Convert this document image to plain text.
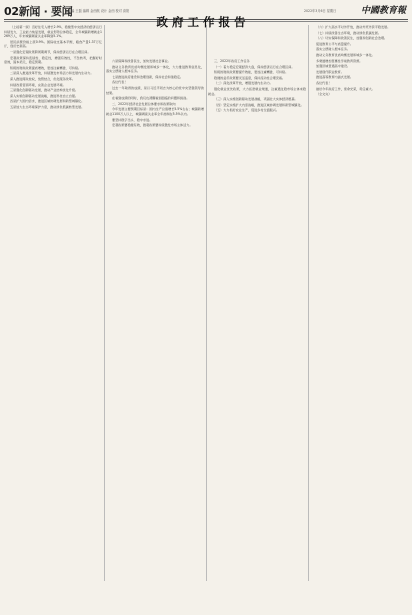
02新闻 · 要闻
主编 王磊 编辑 金西航 设计 金西 校对 高阳	2022年3月6日 星期日	中國教育報

（上接第一版）迈好住宅入增长2.9%，稳健型中央经济的经济运行持续发力，工业能力恢复发展，就业形势总体稳定，全年城镇新增就业1269万人，年末城镇调查失业率降到5.1%。

居民消费价格上涨0.9%。国际收支基本平衡，粮食产量1.37万亿斤，创历史新高。

一是强化宏观政策跨周期调节，保持经济运行在合理区间。

宏观政策保持连续性、稳定性，增强有效性，不急转弯，把握好时度效，固本培元，稳定预期。

积极的财政政策提质增效，更加注重精准、可持续。

二是深入推进改革开放，持续激发市场活力和发展内生动力。

深入推进简政放权，放管结合，优化服务改革。

持续改善营商环境，完善企业发展环境。

三是强化创新驱动发展，推动产业结构优化升级。

深入实施创新驱动发展战略，推进科技自立自强。

四是扩大国内需求，推进区域协调发展和新型城镇化。

五是加大生态环境保护力度，推动绿色低碳转型发展。

六是保障和改善民生，加快发展社会事业。

推动义务教育优质均衡发展和城乡一体化，大力推进教育信息化，落实立德树人根本任务。

七是推进政府建设和治理创新，保持社会和谐稳定。

各位代表！

过去一年取得的成绩，是以习近平同志为核心的党中央坚强领导的结果。

在看到成绩的同时，我们也清醒看到面临的问题和挑战。

二、2022年经济社会发展总体要求和政策取向

今年发展主要预期目标是：国内生产总值增长5.5%左右；城镇新增就业1100万人以上，城镇调查失业率全年控制在5.5%以内。

要坚持稳字当头、稳中求进。

宏观政策要稳健有效，微观政策要持续激发市场主体活力。

三、2022年政府工作任务

（一）着力稳定宏观经济大盘，保持经济运行在合理区间。

积极的财政政策要提升效能，更加注重精准、可持续。

稳健的货币政策要灵活适度，保持流动性合理充裕。

（二）深化改革开放，增强发展内生动力。

强化就业优先政策，大力拓宽就业渠道，注重通过稳市场主体来稳就业。

（三）深入实施创新驱动发展战略，巩固壮大实体经济根基。

（四）坚定实施扩大内需战略，推进区域协调发展和新型城镇化。

（五）大力抓好农业生产，促进乡村全面振兴。

（六）扩大高水平对外开放，推动外贸外资平稳发展。

（七）持续改善生态环境，推动绿色低碳发展。

（八）切实保障和改善民生，加强和创新社会治理。

促进教育公平与质量提升。

落实立德树人根本任务。

推动义务教育优质均衡发展和城乡一体化。

多渠道增加普惠性学前教育资源。

加强县域普通高中建设。

发展现代职业教育。

推进高等教育内涵式发展。

各位代表！

做好今年政府工作，使命光荣，责任重大。

（全文完）

政府工作报告
